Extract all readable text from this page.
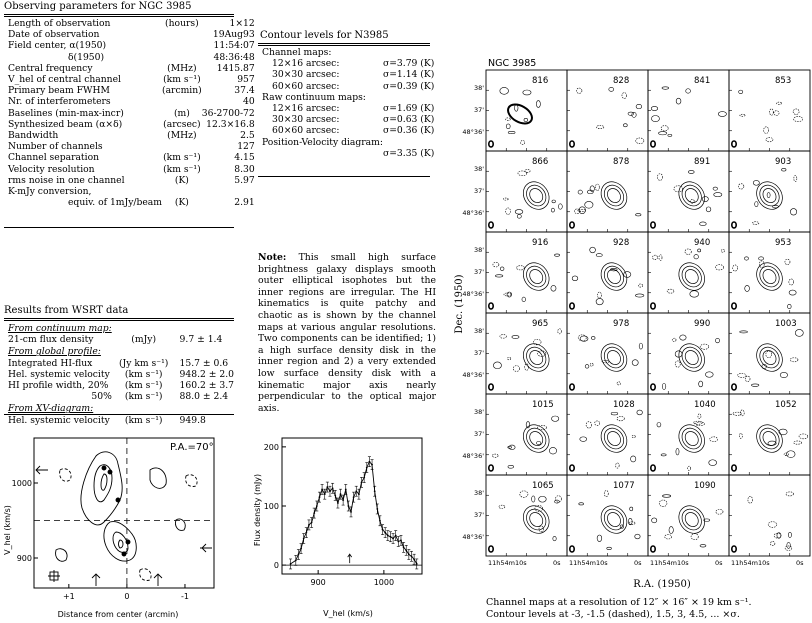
Observing parameters for NGC 3985
Length of observation	(hours)	1×12
Date of observation		19Aug93
Field center, α(1950)		11:54:07
δ(1950)		48:36:48
Central frequency	(MHz)	1415.87
V_hel of central channel	(km s⁻¹)	957
Primary beam FWHM	(arcmin)	37.4
Nr. of interferometers		40
Baselines (min-max-incr)	(m)	36-2700-72
Synthesized beam (α×δ)	(arcsec)	12.3×16.8
Bandwidth	(MHz)	2.5
Number of channels		127
Channel separation	(km s⁻¹)	4.15
Velocity resolution	(km s⁻¹)	8.30
rms noise in one channel	(K)	5.97
K-mJy conversion,		
equiv. of 1mJy/beam	(K)	2.91
Contour levels for N3985
Channel maps:	
12×16 arcsec:	σ=3.79 (K)
30×30 arcsec:	σ=1.14 (K)
60×60 arcsec:	σ=0.39 (K)
Raw continuum maps:	
12×16 arcsec:	σ=1.69 (K)
30×30 arcsec:	σ=0.63 (K)
60×60 arcsec:	σ=0.36 (K)
Position-Velocity diagram:	
	σ=3.35 (K)
Note: This small high surface brightness galaxy displays smooth outer elliptical isophotes but the inner regions are irregular. The HI kinematics is quite patchy and chaotic as is shown by the channel maps at various angular resolutions. Two components can be identified; 1) a high surface density disk in the inner region and 2) a very extended low surface density disk with a kinematic major axis nearly perpendicular to the optical major axis.
Results from WSRT data
From continuum map:		
21-cm flux density	(mJy)	9.7 ± 1.4
From global profile:		
Integrated HI-flux	(Jy km s⁻¹)	15.7 ± 0.6
Hel. systemic velocity	(km s⁻¹)	948.2 ± 2.0
HI profile width, 20%	(km s⁻¹)	160.2 ± 3.7
50%	(km s⁻¹)	88.0 ± 2.4
From XV-diagram:		
Hel. systemic velocity	(km s⁻¹)	949.8
P.A.=70°
+1	0	-1
1000
900
Distance from center (arcmin)
V_hel (km/s)
900	1000
0
100
200
V_hel (km/s)
Flux density (mJy)
NGC 3985
816
38'
37'
48°36'
828	841	853
866
38'
37'
48°36'
878	891	903
916
38'
37'
48°36'
928	940	953
965
38'
37'
48°36'
978	990	1003
1015
38'
37'
48°36'
1028	1040	1052
1065
38'
37'
48°36'
11h54m10s	0s
1077
11h54m10s	0s
1090
11h54m10s	0s 11h54m10s	0s
R.A. (1950)
Dec. (1950)
Channel maps at a resolution of 12″ × 16″ × 19 km s⁻¹.
Contour levels at -3, -1.5 (dashed), 1.5, 3, 4.5, ... ×σ.
